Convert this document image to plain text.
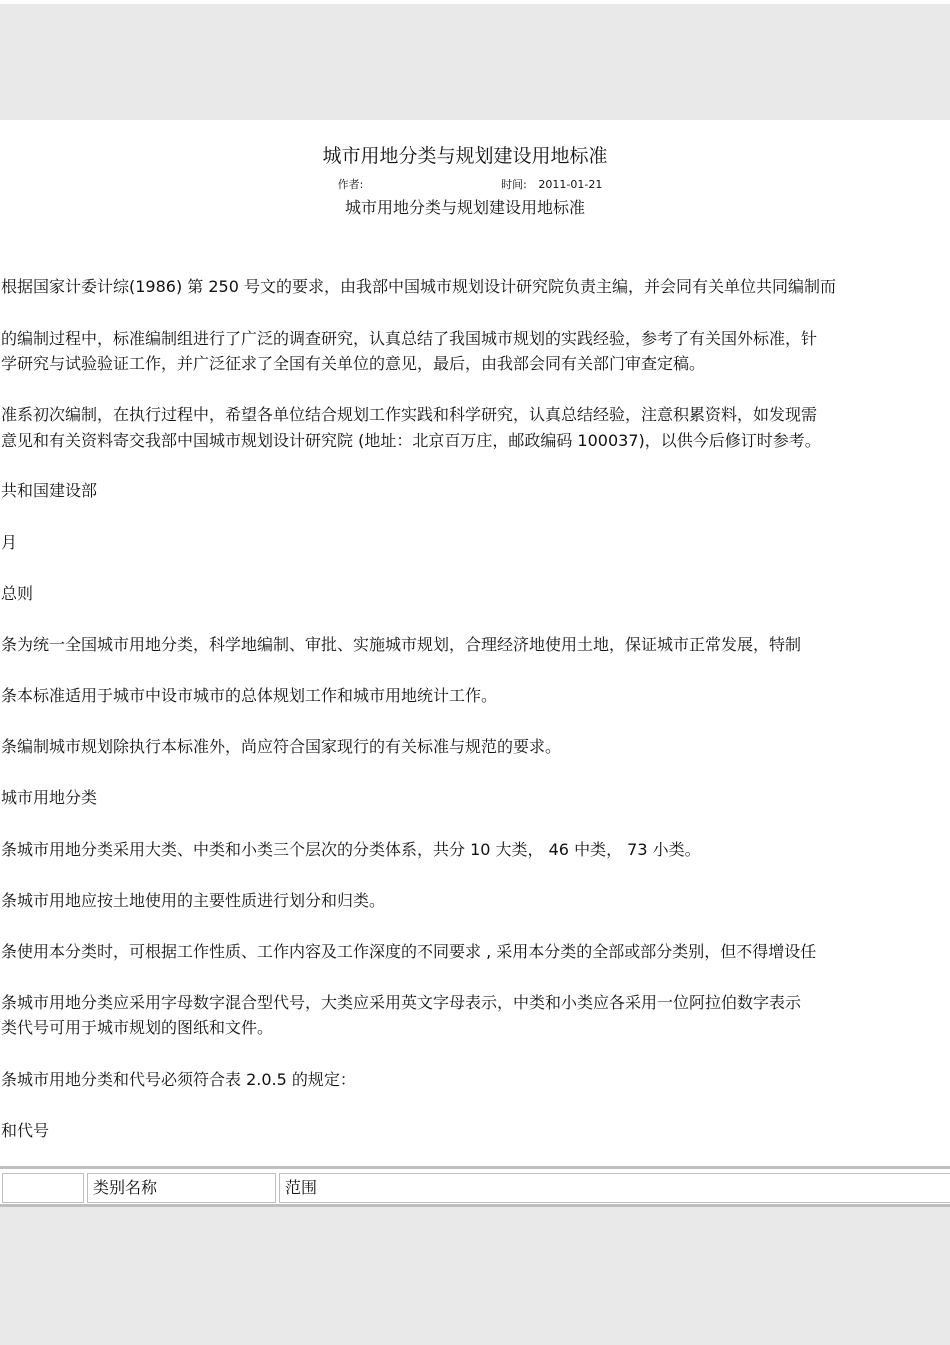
城市用地分类与规划建设用地标准
作者:	时间: 2011-01-21
城市用地分类与规划建设用地标准
根据国家计委计综(1986) 第 250 号文的要求，由我部中国城市规划设计研究院负责主编，并会同有关单位共同编制而
的编制过程中，标准编制组进行了广泛的调查研究，认真总结了我国城市规划的实践经验，参考了有关国外标准，针
学研究与试验验证工作，并广泛征求了全国有关单位的意见，最后，由我部会同有关部门审查定稿。
准系初次编制，在执行过程中，希望各单位结合规划工作实践和科学研究，认真总结经验，注意积累资料，如发现需
意见和有关资料寄交我部中国城市规划设计研究院 (地址：北京百万庄，邮政编码 100037)，以供今后修订时参考。
共和国建设部
月
总则
条为统一全国城市用地分类，科学地编制、审批、实施城市规划，合理经济地使用土地，保证城市正常发展，特制
条本标准适用于城市中设市城市的总体规划工作和城市用地统计工作。
条编制城市规划除执行本标准外，尚应符合国家现行的有关标准与规范的要求。
城市用地分类
条城市用地分类采用大类、中类和小类三个层次的分类体系，共分 10 大类， 46 中类， 73 小类。
条城市用地应按土地使用的主要性质进行划分和归类。
条使用本分类时，可根据工作性质、工作内容及工作深度的不同要求 , 采用本分类的全部或部分类别，但不得增设任
条城市用地分类应采用字母数字混合型代号，大类应采用英文字母表示，中类和小类应各采用一位阿拉伯数字表示
类代号可用于城市规划的图纸和文件。
条城市用地分类和代号必须符合表 2.0.5 的规定：
和代号
类别名称	范围
